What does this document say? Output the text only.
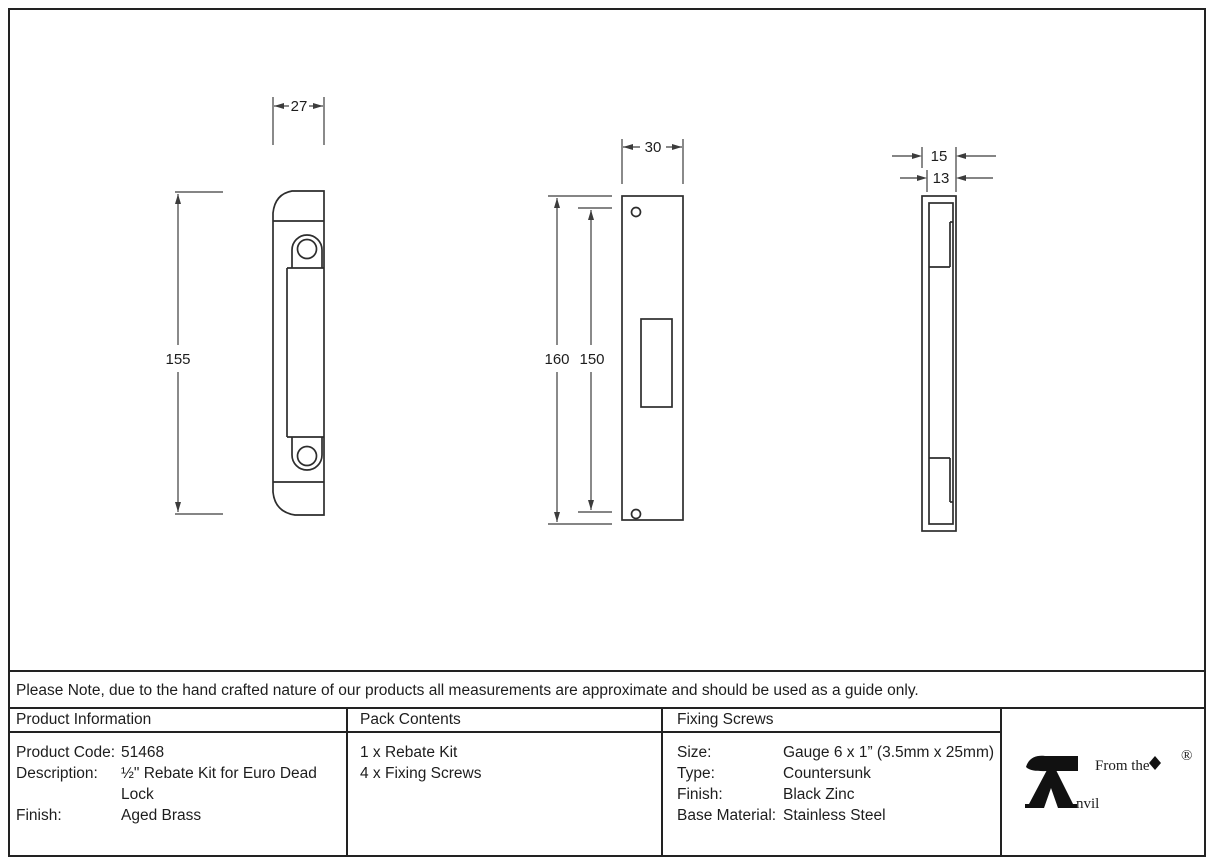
27
155
30
160 150
15
13
Please Note, due to the hand crafted nature of our products all measurements are approximate and should be used as a guide only.
Product Information
Product Code: 51468
Description:	½" Rebate Kit for Euro Dead Lock
Finish:	Aged Brass
Pack Contents
1 x Rebate Kit
4 x Fixing Screws
Fixing Screws
Size:	Gauge 6 x 1” (3.5mm x 25mm)
Type:	Countersunk
Finish:	Black Zinc
Base Material: Stainless Steel
From the
nvil
®
